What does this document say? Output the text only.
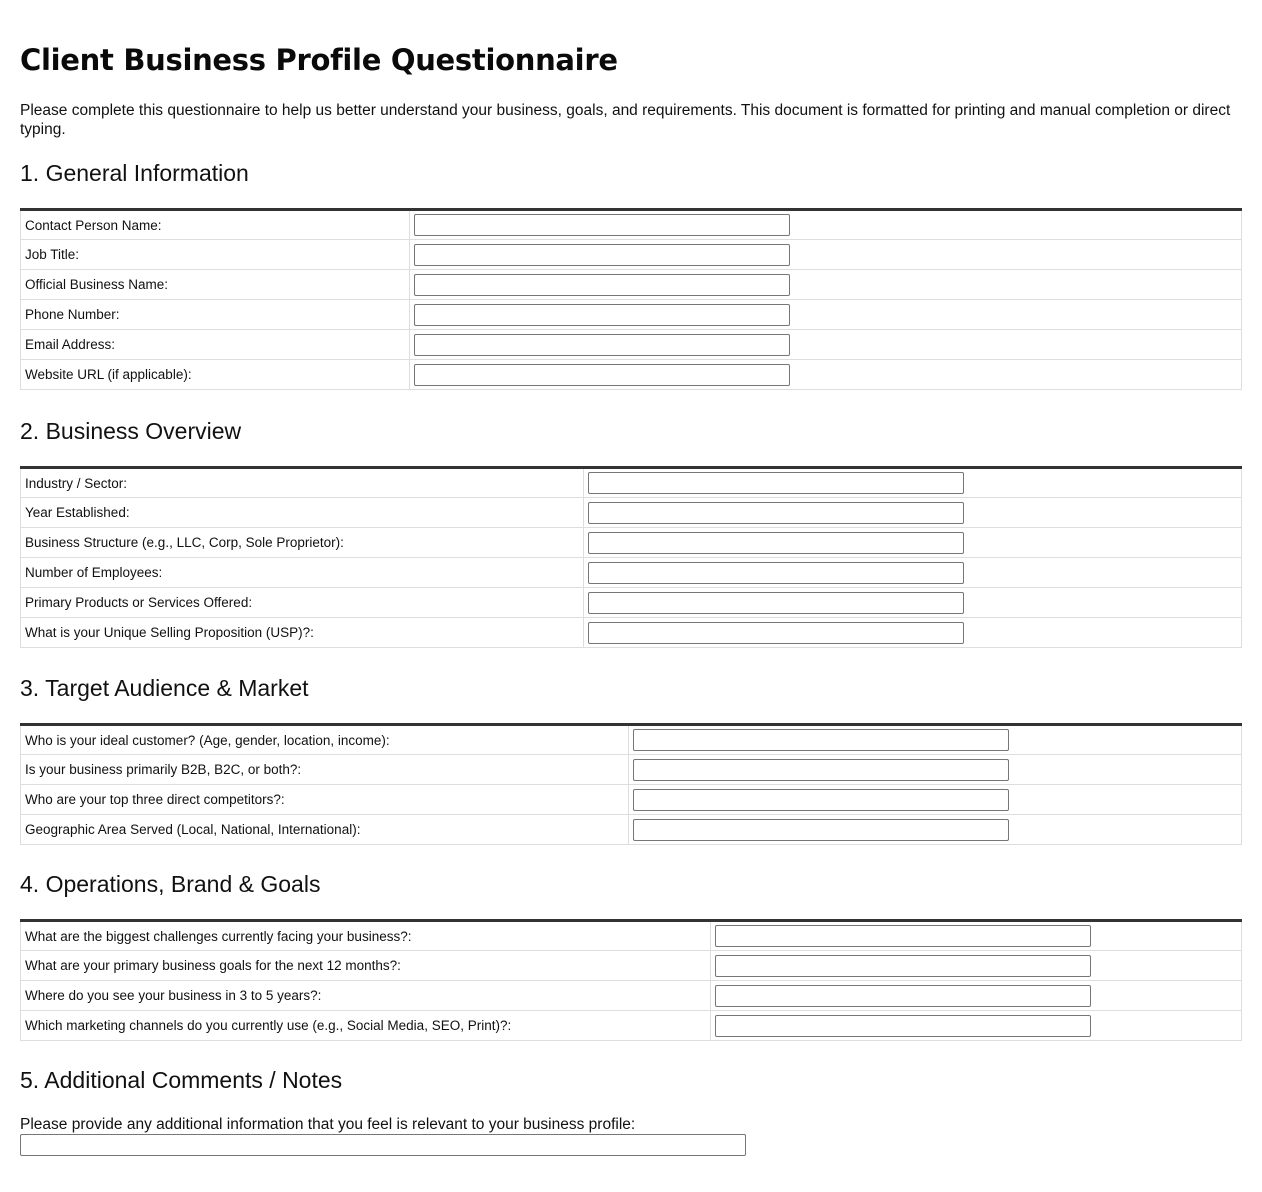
Client Business Profile Questionnaire

Please complete this questionnaire to help us better understand your business, goals, and requirements. This document is formatted for printing and manual completion or direct typing.

1. General Information
Contact Person Name:	

Job Title:	

Official Business Name:	

Phone Number:	

Email Address:	

Website URL (if applicable):	
2. Business Overview
Industry / Sector:	

Year Established:	

Business Structure (e.g., LLC, Corp, Sole Proprietor):	

Number of Employees:	

Primary Products or Services Offered:	

What is your Unique Selling Proposition (USP)?:	
3. Target Audience & Market
Who is your ideal customer? (Age, gender, location, income):	

Is your business primarily B2B, B2C, or both?:	

Who are your top three direct competitors?:	

Geographic Area Served (Local, National, International):	
4. Operations, Brand & Goals
What are the biggest challenges currently facing your business?:	

What are your primary business goals for the next 12 months?:	

Where do you see your business in 3 to 5 years?:	

Which marketing channels do you currently use (e.g., Social Media, SEO, Print)?:	
5. Additional Comments / Notes

Please provide any additional information that you feel is relevant to your business profile:
